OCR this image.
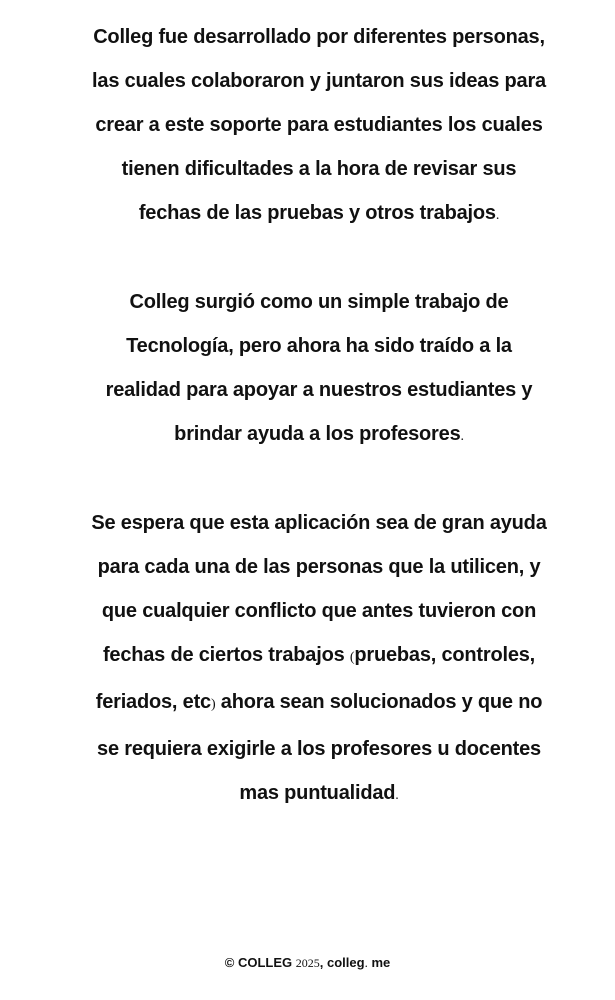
Colleg fue desarrollado por diferentes personas, las cuales colaboraron y juntaron sus ideas para crear a este soporte para estudiantes los cuales tienen dificultades a la hora de revisar sus fechas de las pruebas y otros trabajos.

Colleg surgió como un simple trabajo de Tecnología, pero ahora ha sido traído a la realidad para apoyar a nuestros estudiantes y brindar ayuda a los profesores.

Se espera que esta aplicación sea de gran ayuda para cada una de las personas que la utilicen, y que cualquier conflicto que antes tuvieron con fechas de ciertos trabajos (pruebas, controles, feriados, etc) ahora sean solucionados y que no se requiera exigirle a los profesores u docentes mas puntualidad.

© COLLEG 2025, colleg. me
